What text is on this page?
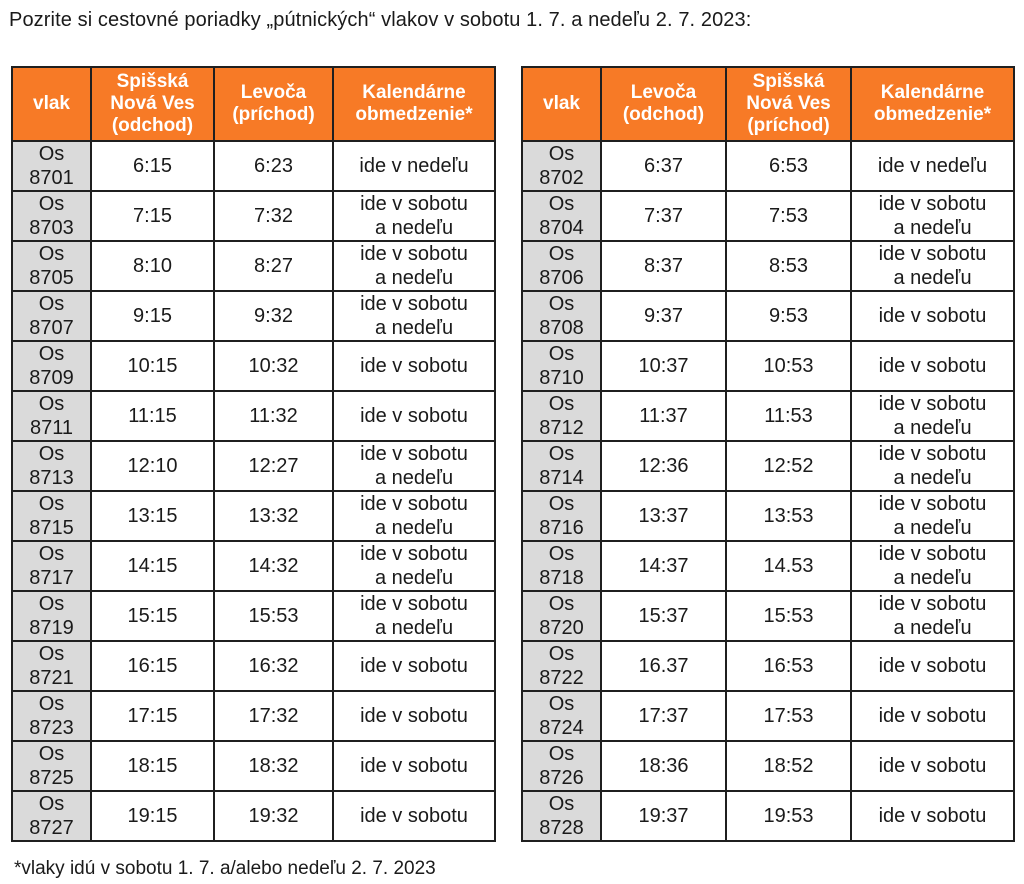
Pozrite si cestovné poriadky „pútnických“ vlakov v sobotu 1. 7. a nedeľu 2. 7. 2023:
vlak	Spišská
Nová Ves
(odchod)	Levoča
(príchod)	Kalendárne
obmedzenie*

Os
8701	6:15	6:23	ide v nedeľu

Os
8703	7:15	7:32	ide v sobotu
a nedeľu

Os
8705	8:10	8:27	ide v sobotu
a nedeľu

Os
8707	9:15	9:32	ide v sobotu
a nedeľu

Os
8709	10:15	10:32	ide v sobotu

Os
8711	11:15	11:32	ide v sobotu

Os
8713	12:10	12:27	ide v sobotu
a nedeľu

Os
8715	13:15	13:32	ide v sobotu
a nedeľu

Os
8717	14:15	14:32	ide v sobotu
a nedeľu

Os
8719	15:15	15:53	ide v sobotu
a nedeľu

Os
8721	16:15	16:32	ide v sobotu

Os
8723	17:15	17:32	ide v sobotu

Os
8725	18:15	18:32	ide v sobotu

Os
8727	19:15	19:32	ide v sobotu
vlak	Levoča
(odchod)	Spišská
Nová Ves
(príchod)	Kalendárne
obmedzenie*

Os
8702	6:37	6:53	ide v nedeľu

Os
8704	7:37	7:53	ide v sobotu
a nedeľu

Os
8706	8:37	8:53	ide v sobotu
a nedeľu

Os
8708	9:37	9:53	ide v sobotu

Os
8710	10:37	10:53	ide v sobotu

Os
8712	11:37	11:53	ide v sobotu
a nedeľu

Os
8714	12:36	12:52	ide v sobotu
a nedeľu

Os
8716	13:37	13:53	ide v sobotu
a nedeľu

Os
8718	14:37	14.53	ide v sobotu
a nedeľu

Os
8720	15:37	15:53	ide v sobotu
a nedeľu

Os
8722	16.37	16:53	ide v sobotu

Os
8724	17:37	17:53	ide v sobotu

Os
8726	18:36	18:52	ide v sobotu

Os
8728	19:37	19:53	ide v sobotu
*vlaky idú v sobotu 1. 7. a/alebo nedeľu 2. 7. 2023
